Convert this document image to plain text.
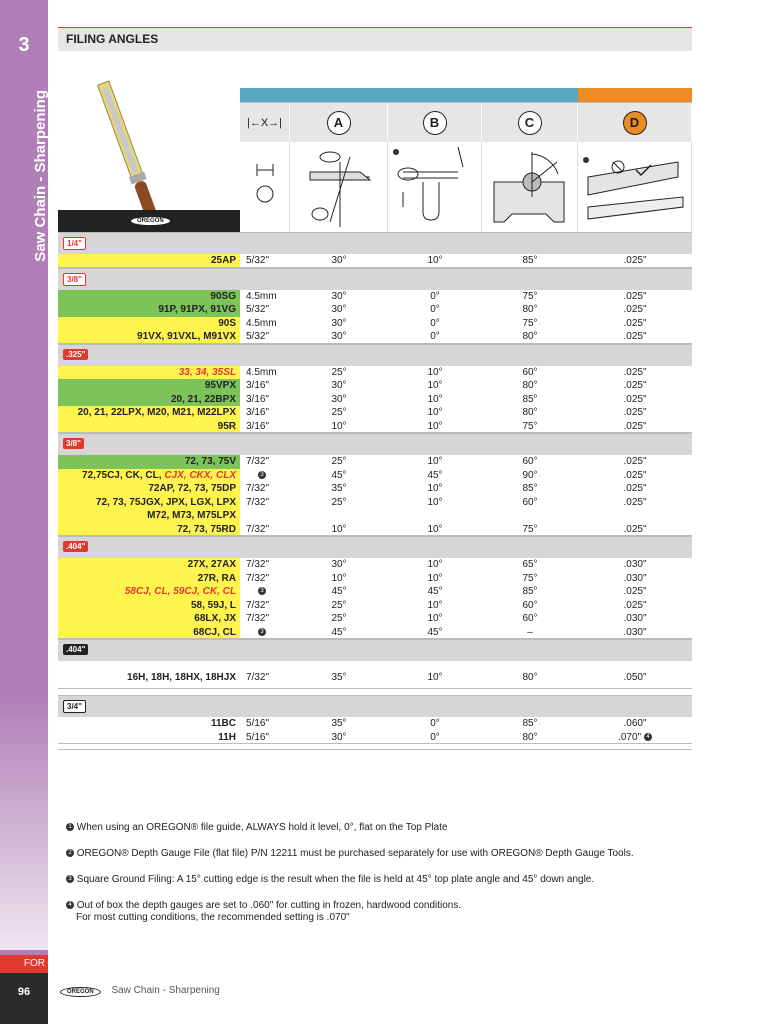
3
Saw Chain - Sharpening
FOR
96
FILING ANGLES
OREGON
|←X→|	A	B	C	D
1/4"
25AP	5/32"	30°	10°	85°	.025"
3/8"
90SG	4.5mm	30°	0°	75°	.025"
91P, 91PX, 91VG	5/32"	30°	0°	80°	.025"
90S	4.5mm	30°	0°	75°	.025"
91VX, 91VXL, M91VX	5/32"	30°	0°	80°	.025"
.325"
33, 34, 35SL	4.5mm	25°	10°	60°	.025"
95VPX	3/16"	30°	10°	80°	.025"
20, 21, 22BPX	3/16"	30°	10°	85°	.025"
20, 21, 22LPX, M20, M21, M22LPX	3/16"	25°	10°	80°	.025"
95R	3/16"	10°	10°	75°	.025"
3/8"
72, 73, 75V	7/32"	25°	10°	60°	.025"
72,75CJ, CK, CL, CJX, CKX, CLX	3	45°	45°	90°	.025"
72AP, 72, 73, 75DP	7/32"	35°	10°	85°	.025"
72, 73, 75JGX, JPX, LGX, LPX	7/32"	25°	10°	60°	.025"
M72, M73, M75LPX
72, 73, 75RD	7/32"	10°	10°	75°	.025"
.404"
27X, 27AX	7/32"	30°	10°	65°	.030"
27R, RA	7/32"	10°	10°	75°	.030"
58CJ, CL, 59CJ, CK, CL	3	45°	45°	85°	.025"
58, 59J, L	7/32"	25°	10°	60°	.025"
68LX, JX	7/32"	25°	10°	60°	.030"
68CJ, CL	3	45°	45°	–	.030"
.404"
16H, 18H, 18HX, 18HJX	7/32"	35°	10°	80°	.050"
3/4"
11BC	5/16"	35°	0°	85°	.060"
11H	5/16"	30°	0°	80°	.070" 4

1 When using an OREGON® file guide, ALWAYS hold it level, 0°, flat on the Top Plate

2 OREGON® Depth Gauge File (flat file) P/N 12211 must be purchased separately for use with OREGON® Depth Gauge Tools.

3 Square Ground Filing: A 15° cutting edge is the result when the file is held at 45° top plate angle and 45° down angle.

4 Out of box the depth gauges are set to .060" for cutting in frozen, hardwood conditions.
For most cutting conditions, the recommended setting is .070"

OREGON Saw Chain - Sharpening
